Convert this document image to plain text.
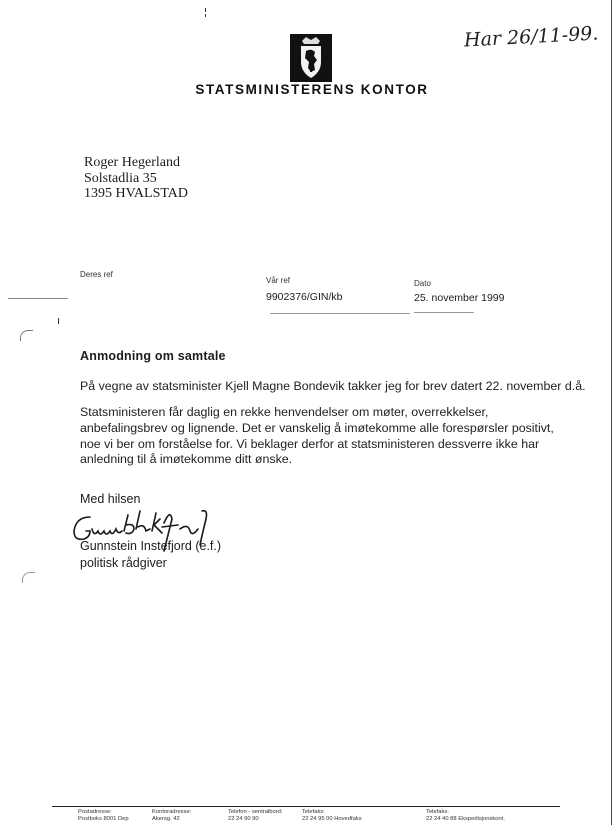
Har 26/11-99.
STATSMINISTERENS KONTOR
Roger Hegerland
Solstadlia 35
1395 HVALSTAD
Deres ref
Vår ref
9902376/GIN/kb
Dato
25. november 1999
Anmodning om samtale
På vegne av statsminister Kjell Magne Bondevik takker jeg for brev datert 22. november d.å.
Statsministeren får daglig en rekke henvendelser om møter, overrekkelser, anbefalingsbrev og lignende. Det er vanskelig å imøtekomme alle forespørsler positivt, noe vi ber om forståelse for. Vi beklager derfor at statsministeren dessverre ikke har anledning til å imøtekomme ditt ønske.
Med hilsen
Gunnstein Instefjord (e.f.)
politisk rådgiver
Postadresse:
Postboks 8001 Dep
Kontoradresse:
Akersg. 42
Telefon - sentralbord:
22 24 90 90
Telefaks:
22 24 95 00 Hovedfaks
Telefaks:
22 24 40 88 Ekspedisjonskont.
